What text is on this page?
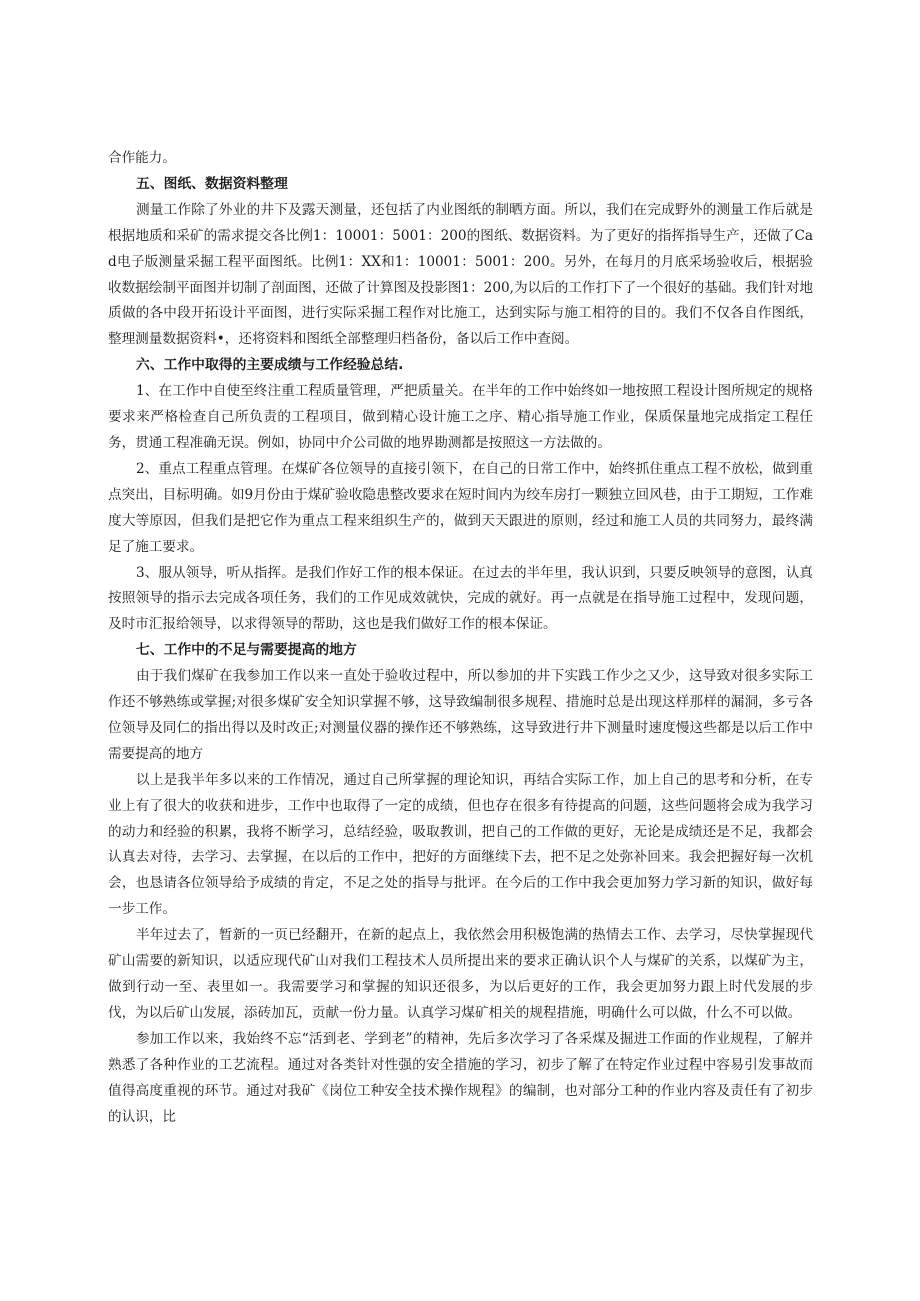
合作能力。

五、图纸、数据资料整理

测量工作除了外业的井下及露天测量，还包括了内业图纸的制晒方面。所以，我们在完成野外的测量工作后就是根据地质和采矿的需求提交各比例1：10001：5001：200的图纸、数据资料。为了更好的指挥指导生产，还做了Cad电子版测量采掘工程平面图纸。比例1：XX和1：10001：5001：200。另外，在每月的月底采场验收后，根据验收数据绘制平面图并切制了剖面图，还做了计算图及投影图1：200,为以后的工作打下了一个很好的基础。我们针对地质做的各中段开拓设计平面图，进行实际采掘工程作对比施工，达到实际与施工相符的目的。我们不仅各自作图纸，整理测量数据资料•，还将资料和图纸全部整理归档备份，备以后工作中查阅。

六、工作中取得的主要成绩与工作经验总结.

1、在工作中自使至终注重工程质量管理，严把质量关。在半年的工作中始终如一地按照工程设计图所规定的规格要求来严格检查自己所负责的工程项目，做到精心设计施工之序、精心指导施工作业，保质保量地完成指定工程任务，贯通工程准确无误。例如，协同中介公司做的地界勘测都是按照这一方法做的。

2、重点工程重点管理。在煤矿各位领导的直接引领下，在自己的日常工作中，始终抓住重点工程不放松，做到重点突出，目标明确。如9月份由于煤矿验收隐患整改要求在短时间内为绞车房打一颗独立回风巷，由于工期短，工作难度大等原因，但我们是把它作为重点工程来组织生产的，做到天天跟进的原则，经过和施工人员的共同努力，最终满足了施工要求。

3、服从领导，听从指挥。是我们作好工作的根本保证。在过去的半年里，我认识到，只要反映领导的意图，认真按照领导的指示去完成各项任务，我们的工作见成效就快，完成的就好。再一点就是在指导施工过程中，发现问题，及时市汇报给领导，以求得领导的帮助，这也是我们做好工作的根本保证。

七、工作中的不足与需要提高的地方

由于我们煤矿在我参加工作以来一直处于验收过程中，所以参加的井下实践工作少之又少，这导致对很多实际工作还不够熟练或掌握;对很多煤矿安全知识掌握不够，这导致编制很多规程、措施时总是出现这样那样的漏洞，多亏各位领导及同仁的指出得以及时改正;对测量仪器的操作还不够熟练，这导致进行井下测量时速度慢这些都是以后工作中需要提高的地方

以上是我半年多以来的工作情况，通过自己所掌握的理论知识，再结合实际工作，加上自己的思考和分析，在专业上有了很大的收获和进步，工作中也取得了一定的成绩，但也存在很多有待提高的问题，这些问题将会成为我学习的动力和经验的积累，我将不断学习，总结经验，吸取教训，把自己的工作做的更好，无论是成绩还是不足，我都会认真去对待，去学习、去掌握，在以后的工作中，把好的方面继续下去，把不足之处弥补回来。我会把握好每一次机会，也恳请各位领导给予成绩的肯定，不足之处的指导与批评。在今后的工作中我会更加努力学习新的知识，做好每一步工作。

半年过去了，暂新的一页已经翻开，在新的起点上，我依然会用积极饱满的热情去工作、去学习，尽快掌握现代矿山需要的新知识，以适应现代矿山对我们工程技术人员所提出来的要求正确认识个人与煤矿的关系，以煤矿为主，做到行动一至、表里如一。我需要学习和掌握的知识还很多，为以后更好的工作，我会更加努力跟上时代发展的步伐，为以后矿山发展，添砖加瓦，贡献一份力量。认真学习煤矿相关的规程措施，明确什么可以做，什么不可以做。

参加工作以来，我始终不忘“活到老、学到老”的精神，先后多次学习了各采煤及掘进工作面的作业规程，了解并熟悉了各种作业的工艺流程。通过对各类针对性强的安全措施的学习，初步了解了在特定作业过程中容易引发事故而值得高度重视的环节。通过对我矿《岗位工种安全技术操作规程》的编制，也对部分工种的作业内容及责任有了初步的认识，比
